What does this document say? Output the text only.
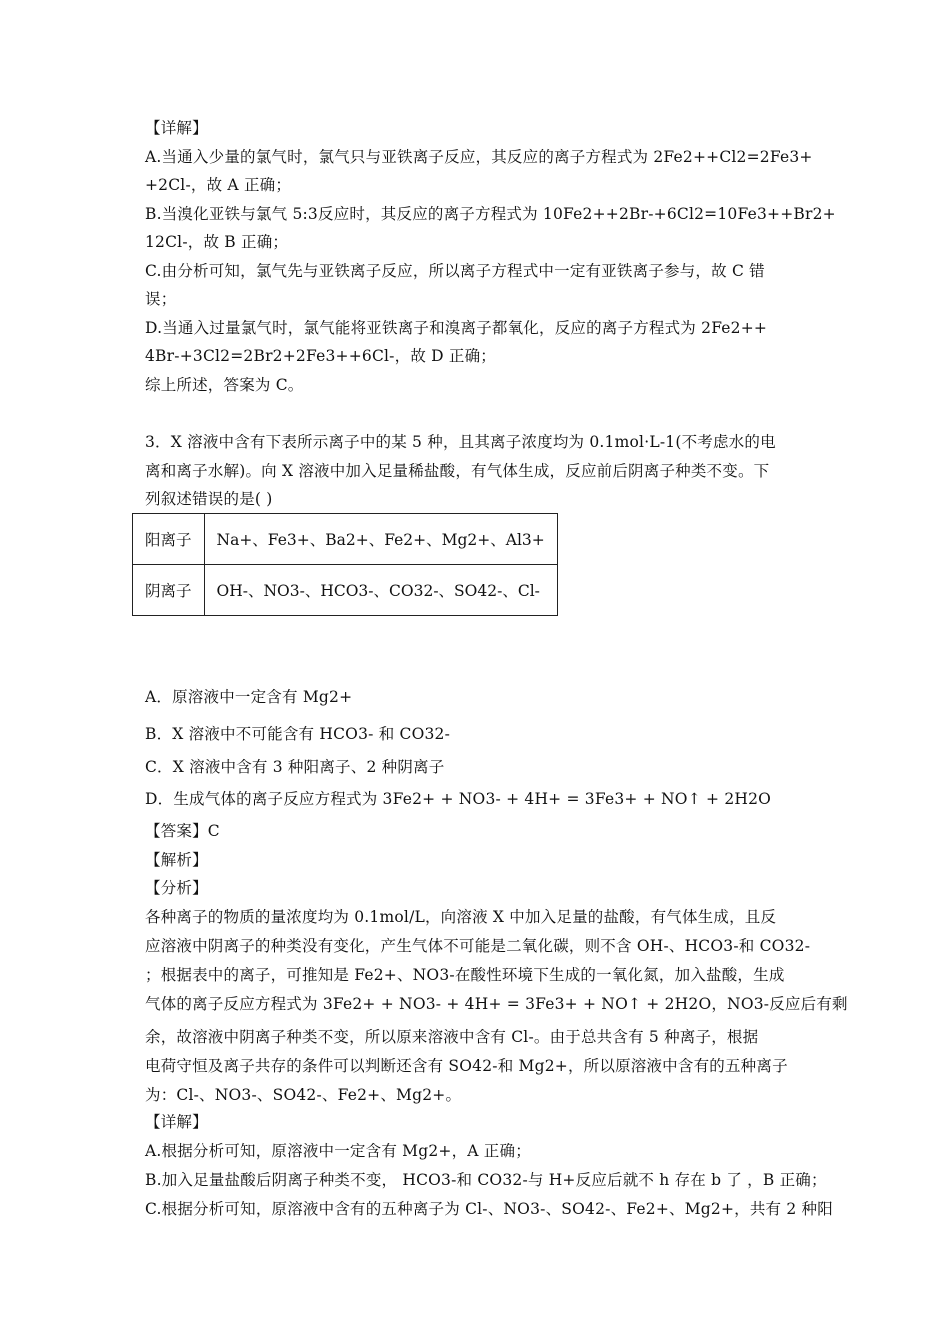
【详解】
A.当通入少量的氯气时，氯气只与亚铁离子反应，其反应的离子方程式为 2Fe2++Cl2=2Fe3+
+2Cl-，故 A 正确；
B.当溴化亚铁与氯气 5:3反应时，其反应的离子方程式为 10Fe2++2Br-+6Cl2=10Fe3++Br2+
12Cl-，故 B 正确；
C.由分析可知，氯气先与亚铁离子反应，所以离子方程式中一定有亚铁离子参与，故 C 错
误；
D.当通入过量氯气时，氯气能将亚铁离子和溴离子都氧化，反应的离子方程式为 2Fe2++
4Br-+3Cl2=2Br2+2Fe3++6Cl-，故 D 正确；
综上所述，答案为 C。
3．X 溶液中含有下表所示离子中的某 5 种，且其离子浓度均为 0.1mol·L-1(不考虑水的电
离和离子水解)。向 X 溶液中加入足量稀盐酸，有气体生成，反应前后阴离子种类不变。下
列叙述错误的是( )
阳离子	Na+、Fe3+、Ba2+、Fe2+、Mg2+、Al3+
阴离子	OH-、NO3-、HCO3-、CO32-、SO42-、Cl-
A．原溶液中一定含有 Mg2+
B．X 溶液中不可能含有 HCO3- 和 CO32-
C．X 溶液中含有 3 种阳离子、2 种阴离子
D．生成气体的离子反应方程式为 3Fe2+ + NO3- + 4H+ = 3Fe3+ + NO↑ + 2H2O
【答案】C
【解析】
【分析】
各种离子的物质的量浓度均为 0.1mol/L，向溶液 X 中加入足量的盐酸，有气体生成，且反
应溶液中阴离子的种类没有变化，产生气体不可能是二氧化碳，则不含 OH-、HCO3-和 CO32-
；根据表中的离子，可推知是 Fe2+、NO3-在酸性环境下生成的一氧化氮，加入盐酸，生成
气体的离子反应方程式为 3Fe2+ + NO3- + 4H+ = 3Fe3+ + NO↑ + 2H2O，NO3-反应后有剩
余，故溶液中阴离子种类不变，所以原来溶液中含有 Cl-。由于总共含有 5 种离子，根据
电荷守恒及离子共存的条件可以判断还含有 SO42-和 Mg2+，所以原溶液中含有的五种离子
为：Cl-、NO3-、SO42-、Fe2+、Mg2+。
【详解】
A.根据分析可知，原溶液中一定含有 Mg2+，A 正确；
B.加入足量盐酸后阴离子种类不变， HCO3-和 CO32-与 H+反应后就不 h 存在 b 了 ，B 正确；
C.根据分析可知，原溶液中含有的五种离子为 Cl-、NO3-、SO42-、Fe2+、Mg2+，共有 2 种阳
